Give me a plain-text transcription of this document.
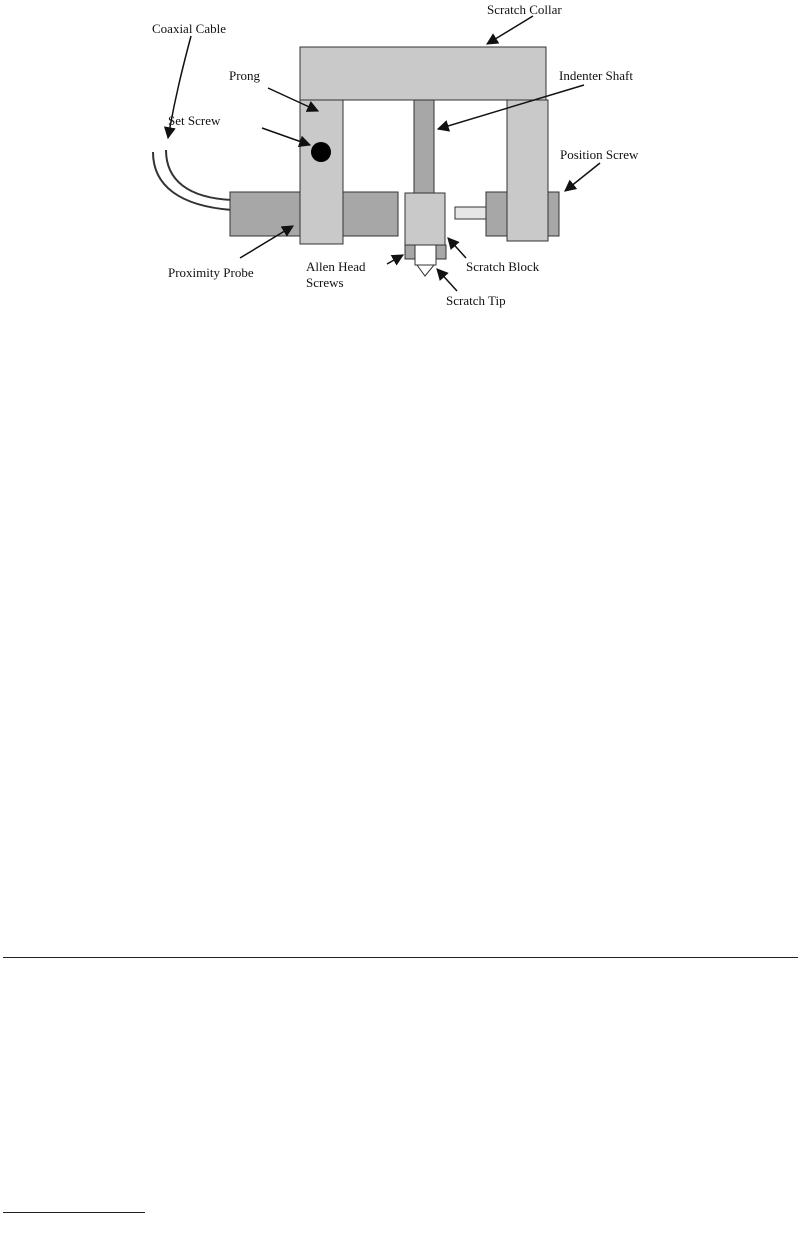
Coaxial Cable
Scratch Collar
Prong	Indenter Shaft
Set Screw
Position Screw
Proximity Probe	Allen Head
Screws
Scratch Block
Scratch Tip
